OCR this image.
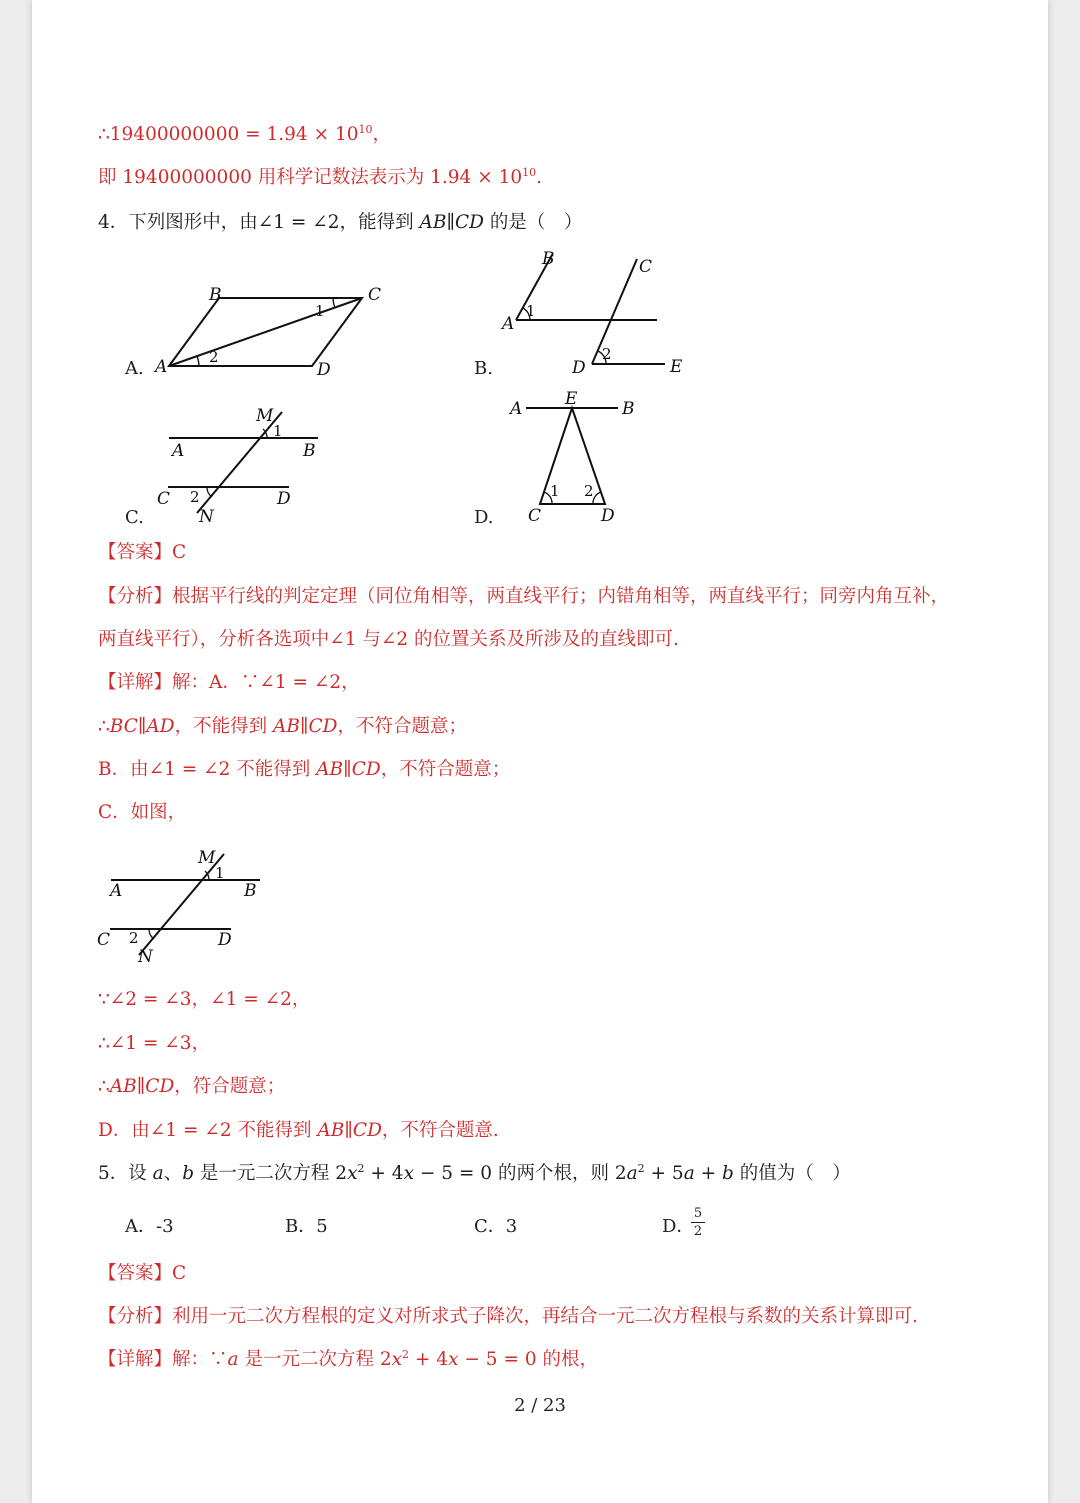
∴19400000000 = $1.94 \times 10^{10}$，
即 19400000000 用科学记数法表示为 $1.94 \times 10^{10}$.
4．下列图形中，由∠1 = ∠2，能得到 AB∥CD 的是（　）
A.	B.
C.	D.
B	C
A	D
1
2
B	C
A
1
D
2
E
M
1
A	B
C 2	D
N
A	E	B
1 2
C	D
【答案】C
【分析】根据平行线的判定定理（同位角相等，两直线平行；内错角相等，两直线平行；同旁内角互补，
两直线平行），分析各选项中∠1 与∠2 的位置关系及所涉及的直线即可.
【详解】解：A．∵∠1 = ∠2，
∴BC∥AD，不能得到 AB∥CD，不符合题意；
B．由∠1 = ∠2 不能得到 AB∥CD，不符合题意；
C．如图，
M
1
A	B
C 2	D
N
∵∠2 = ∠3，∠1 = ∠2，
∴∠1 = ∠3，
∴AB∥CD，符合题意；
D．由∠1 = ∠2 不能得到 AB∥CD，不符合题意.
5．设 a、b 是一元二次方程 $2x^2 + 4x - 5 = 0$ 的两个根，则 $2a^2 + 5a + b$ 的值为（　）
A．-3	B．5	C．3	D．
5
2
【答案】C
【分析】利用一元二次方程根的定义对所求式子降次，再结合一元二次方程根与系数的关系计算即可.
【详解】解：∵a 是一元二次方程 $2x^2 + 4x - 5 = 0$ 的根，
2 / 23
